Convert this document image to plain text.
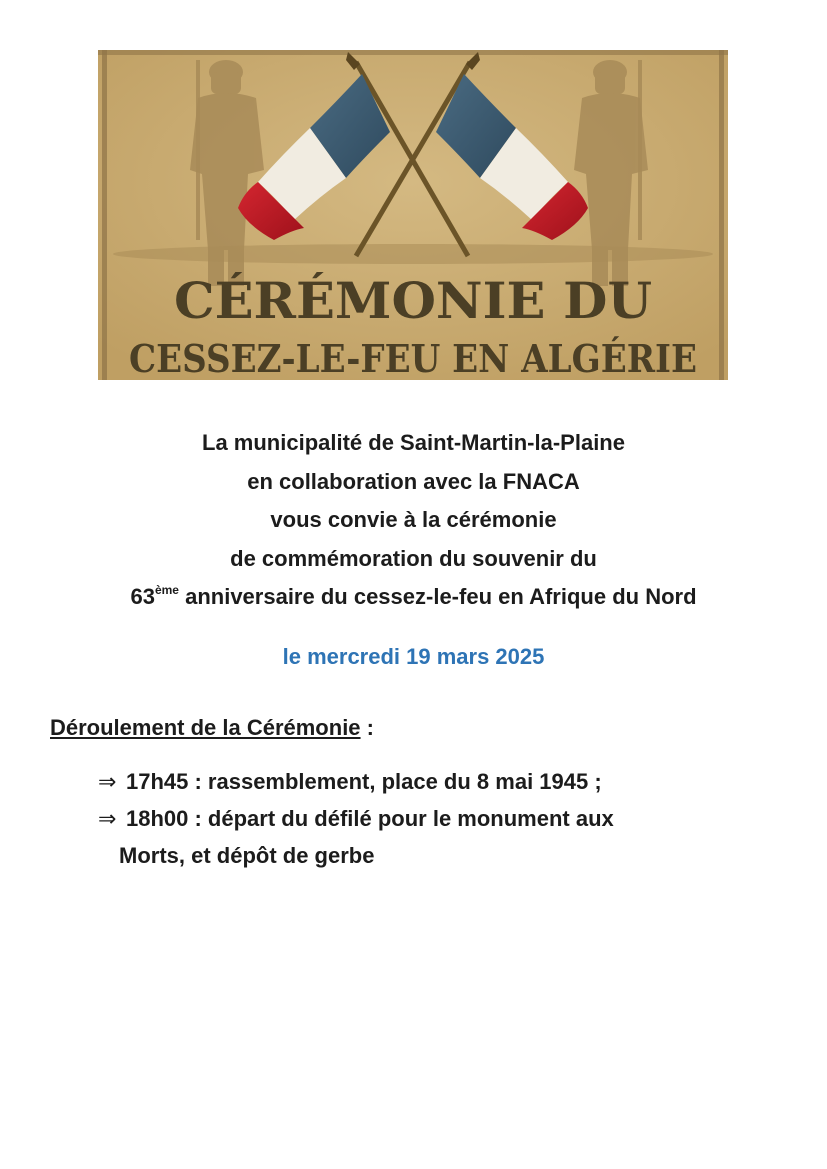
CÉRÉMONIE DU
CESSEZ-LE-FEU EN ALGÉRIE
La municipalité de Saint-Martin-la-Plaine
en collaboration avec la FNACA
vous convie à la cérémonie
de commémoration du souvenir du
63ème anniversaire du cessez-le-feu en Afrique du Nord
le mercredi 19 mars 2025
Déroulement de la Cérémonie :
⇒ 17h45 : rassemblement, place du 8 mai 1945 ;
⇒ 18h00 : départ du défilé pour le monument aux
Morts, et dépôt de gerbe
